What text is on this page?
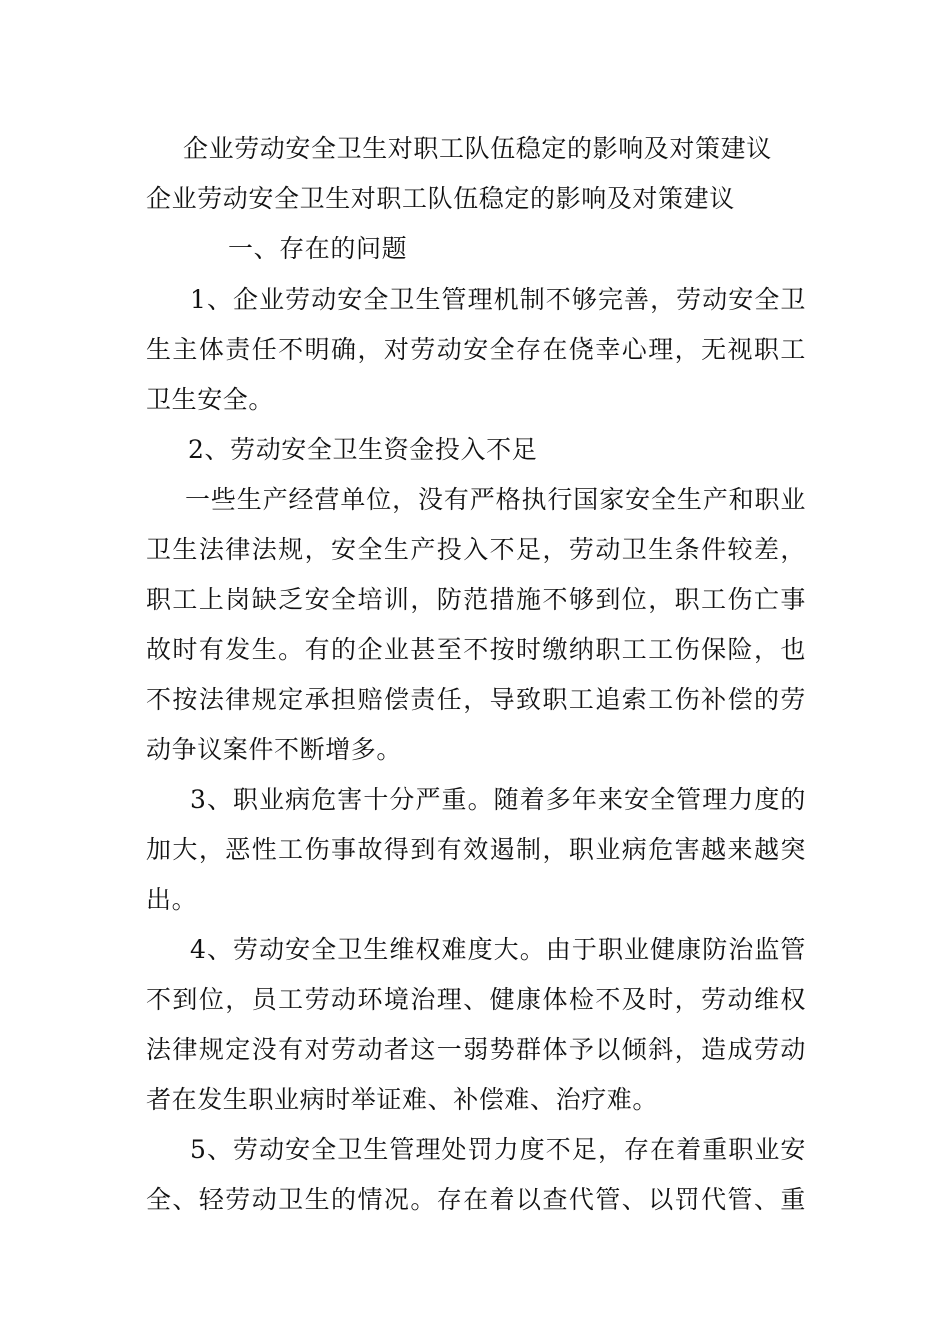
企业劳动安全卫生对职工队伍稳定的影响及对策建议
企业劳动安全卫生对职工队伍稳定的影响及对策建议
一、存在的问题
1、企业劳动安全卫生管理机制不够完善，劳动安全卫
生主体责任不明确，对劳动安全存在侥幸心理，无视职工
卫生安全。
2、劳动安全卫生资金投入不足
一些生产经营单位，没有严格执行国家安全生产和职业
卫生法律法规，安全生产投入不足，劳动卫生条件较差，
职工上岗缺乏安全培训，防范措施不够到位，职工伤亡事
故时有发生。有的企业甚至不按时缴纳职工工伤保险，也
不按法律规定承担赔偿责任，导致职工追索工伤补偿的劳
动争议案件不断增多。
3、职业病危害十分严重。随着多年来安全管理力度的
加大，恶性工伤事故得到有效遏制，职业病危害越来越突
出。
4、劳动安全卫生维权难度大。由于职业健康防治监管
不到位，员工劳动环境治理、健康体检不及时，劳动维权
法律规定没有对劳动者这一弱势群体予以倾斜，造成劳动
者在发生职业病时举证难、补偿难、治疗难。
5、劳动安全卫生管理处罚力度不足，存在着重职业安
全、轻劳动卫生的情况。存在着以查代管、以罚代管、重
